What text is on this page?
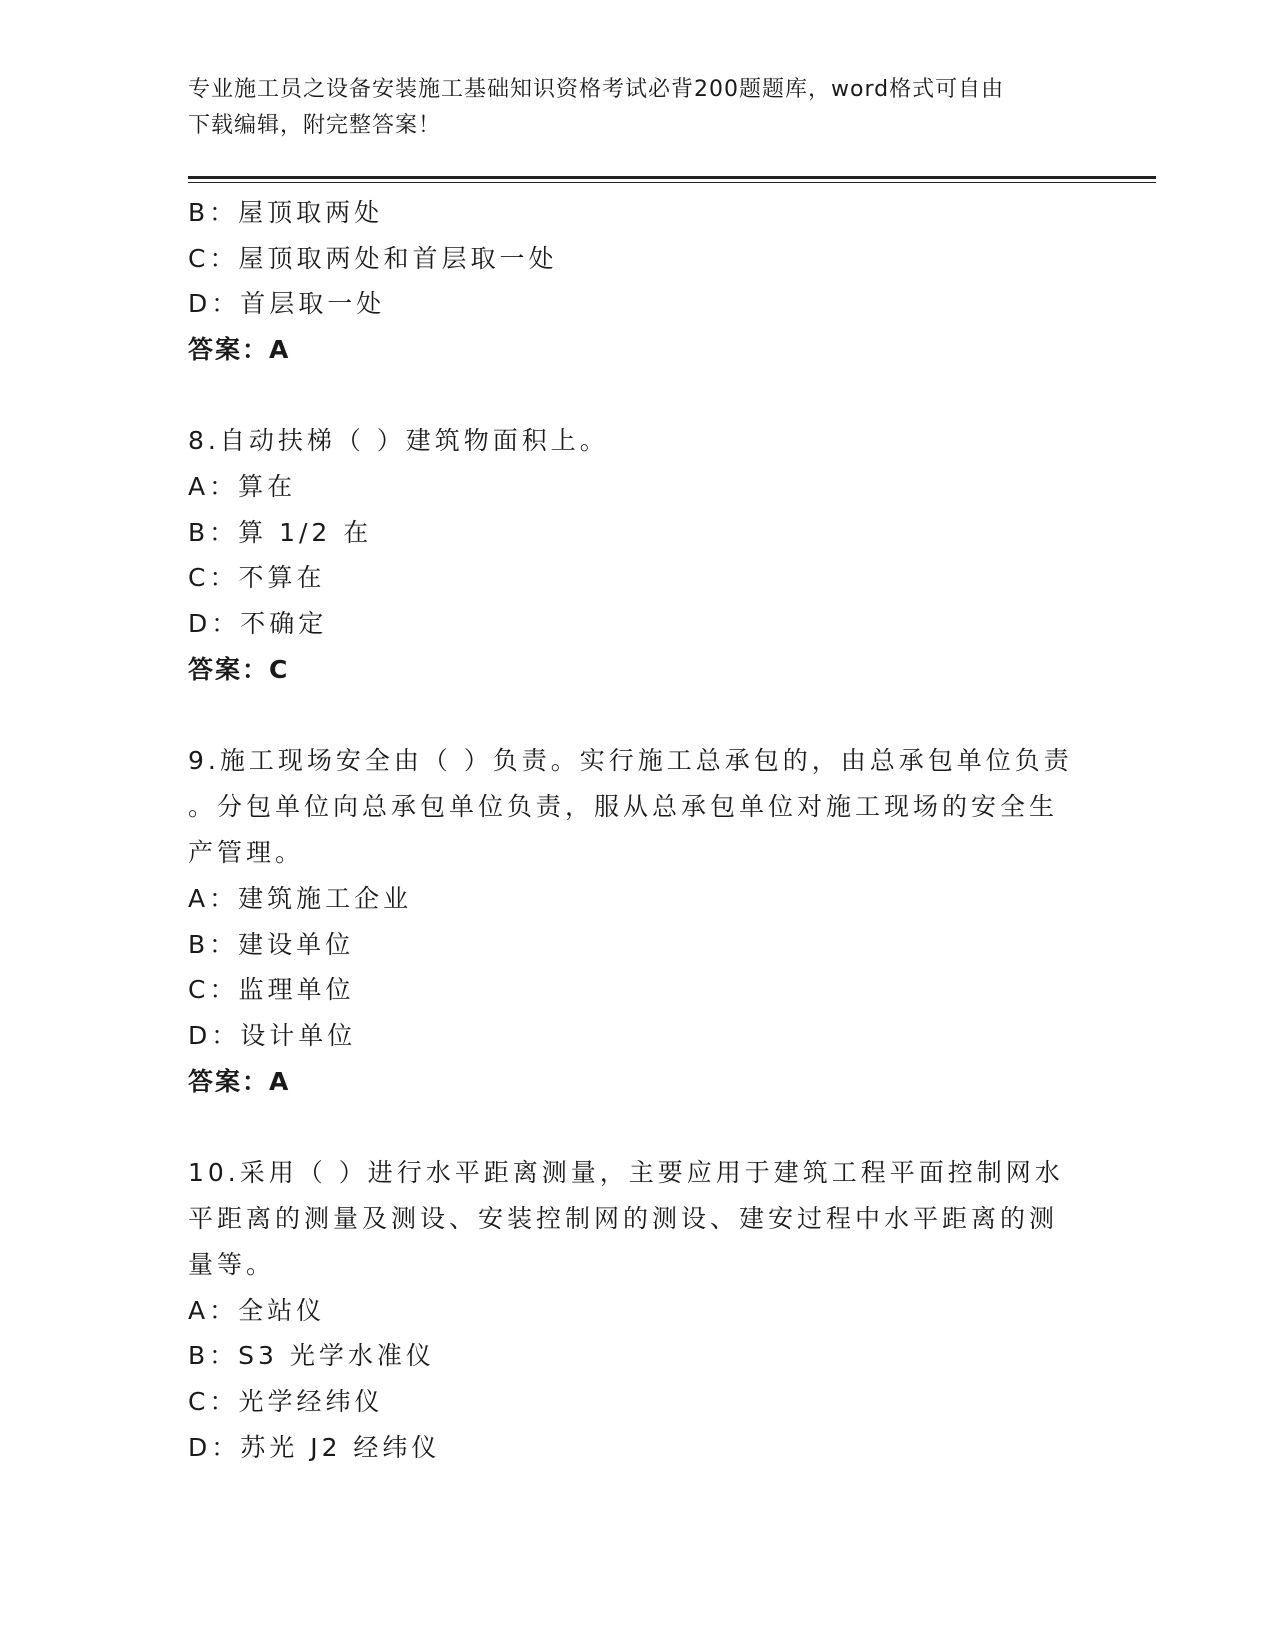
专业施工员之设备安装施工基础知识资格考试必背200题题库，word格式可自由
下载编辑，附完整答案！
B：屋顶取两处
C：屋顶取两处和首层取一处
D：首层取一处
答案：A
8.自动扶梯（ ）建筑物面积上。
A：算在
B：算 1/2 在
C：不算在
D：不确定
答案：C
9.施工现场安全由（ ）负责。实行施工总承包的，由总承包单位负责
。分包单位向总承包单位负责，服从总承包单位对施工现场的安全生
产管理。
A：建筑施工企业
B：建设单位
C：监理单位
D：设计单位
答案：A
10.采用（ ）进行水平距离测量，主要应用于建筑工程平面控制网水
平距离的测量及测设、安装控制网的测设、建安过程中水平距离的测
量等。
A：全站仪
B：S3 光学水准仪
C：光学经纬仪
D：苏光 J2 经纬仪
